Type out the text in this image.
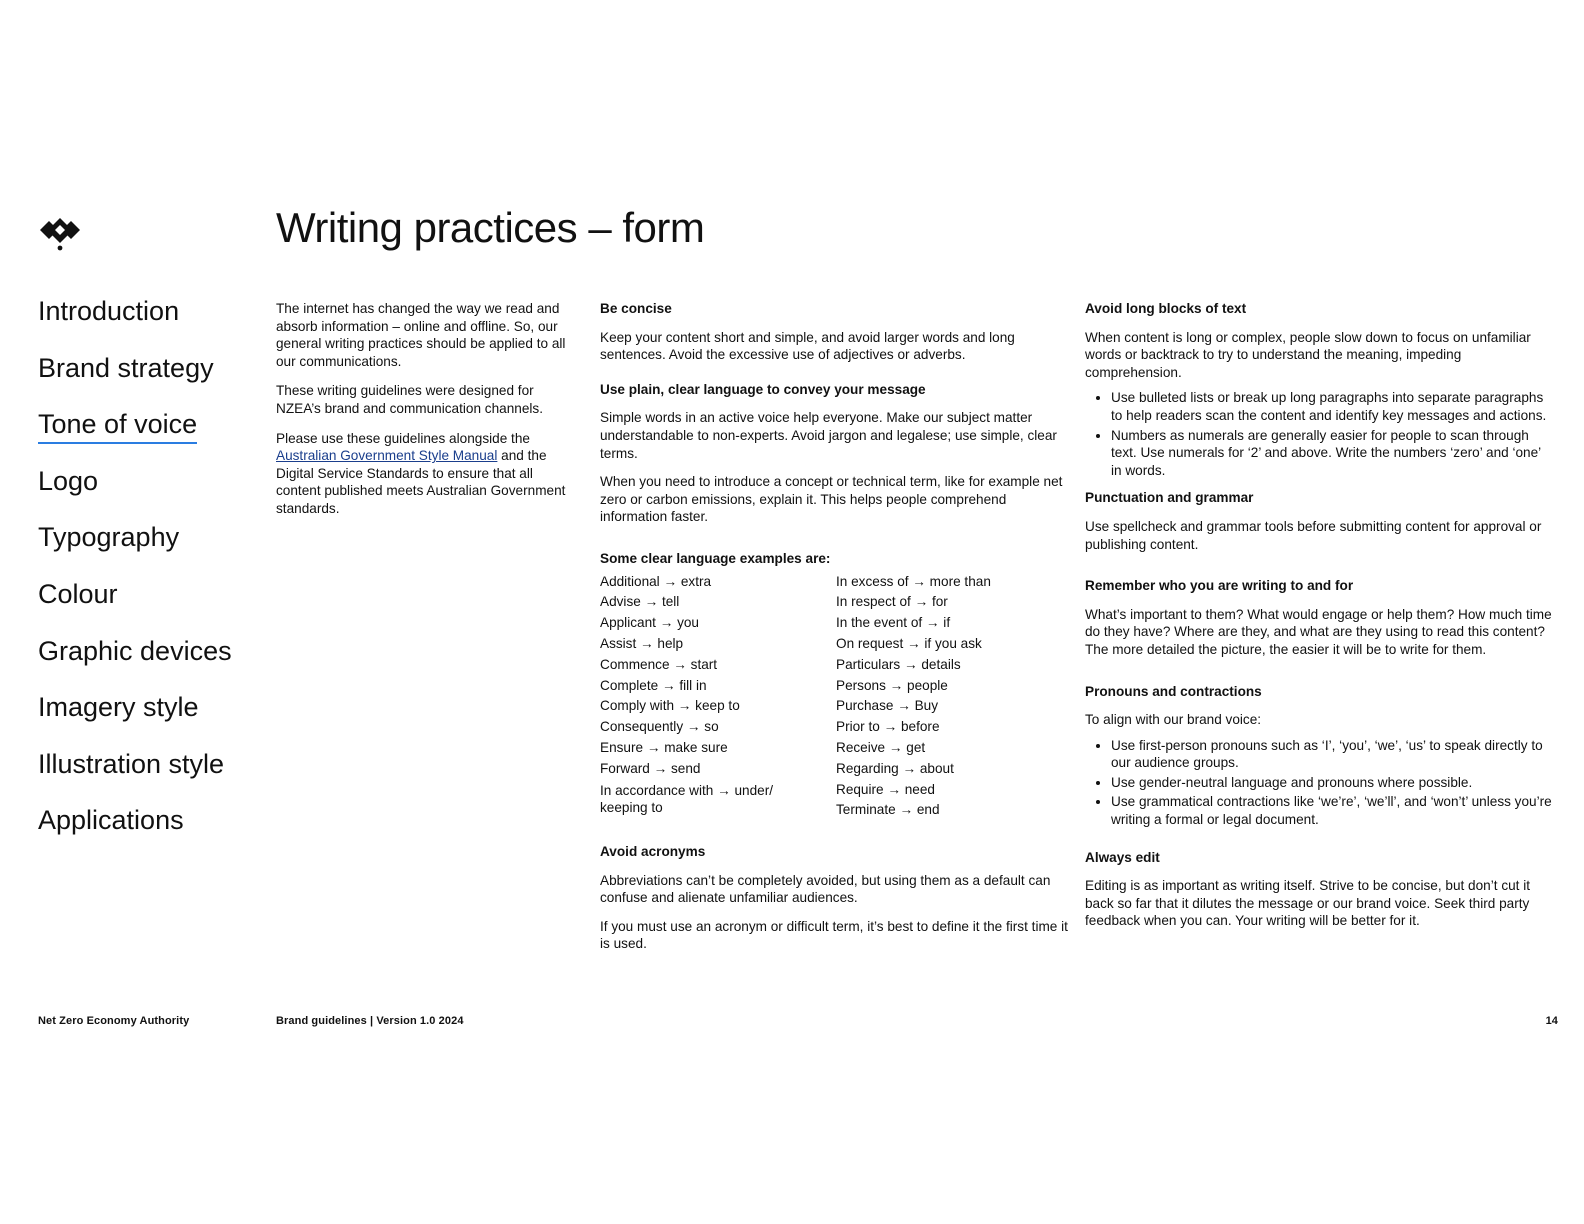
Writing practices – form
Introduction
Brand strategy
Tone of voice
Logo
Typography
Colour
Graphic devices
Imagery style
Illustration style
Applications

The internet has changed the way we read and absorb information – online and offline. So, our general writing practices should be applied to all our communications.

These writing guidelines were designed for NZEA’s brand and communication channels.

Please use these guidelines alongside the Australian Government Style Manual and the Digital Service Standards to ensure that all content published meets Australian Government standards.

Be concise

Keep your content short and simple, and avoid larger words and long sentences. Avoid the excessive use of adjectives or adverbs.

Use plain, clear language to convey your message

Simple words in an active voice help everyone. Make our subject matter understandable to non-experts. Avoid jargon and legalese; use simple, clear terms.

When you need to introduce a concept or technical term, like for example net zero or carbon emissions, explain it. This helps people comprehend information faster.

Some clear language examples are:

Additional → extra
Advise → tell
Applicant → you
Assist → help
Commence → start
Complete → fill in
Comply with → keep to
Consequently → so
Ensure → make sure
Forward → send
In accordance with → under/ keeping to
In excess of → more than
In respect of → for
In the event of → if
On request → if you ask
Particulars → details
Persons → people
Purchase → Buy
Prior to → before
Receive → get
Regarding → about
Require → need
Terminate → end

Avoid acronyms

Abbreviations can’t be completely avoided, but using them as a default can confuse and alienate unfamiliar audiences.

If you must use an acronym or difficult term, it’s best to define it the first time it is used.

Avoid long blocks of text

When content is long or complex, people slow down to focus on unfamiliar words or backtrack to try to understand the meaning, impeding comprehension.

• Use bulleted lists or break up long paragraphs into separate paragraphs to help readers scan the content and identify key messages and actions.
• Numbers as numerals are generally easier for people to scan through text. Use numerals for ‘2’ and above. Write the numbers ‘zero’ and ‘one’ in words.

Punctuation and grammar

Use spellcheck and grammar tools before submitting content for approval or publishing content.

Remember who you are writing to and for

What’s important to them? What would engage or help them? How much time do they have? Where are they, and what are they using to read this content? The more detailed the picture, the easier it will be to write for them.

Pronouns and contractions

To align with our brand voice:

• Use first-person pronouns such as ‘I’, ‘you’, ‘we’, ‘us’ to speak directly to our audience groups.
• Use gender-neutral language and pronouns where possible.
• Use grammatical contractions like ‘we’re’, ‘we’ll’, and ‘won’t’ unless you’re writing a formal or legal document.

Always edit

Editing is as important as writing itself. Strive to be concise, but don’t cut it back so far that it dilutes the message or our brand voice. Seek third party feedback when you can. Your writing will be better for it.

Net Zero Economy Authority	Brand guidelines | Version 1.0 2024	14
